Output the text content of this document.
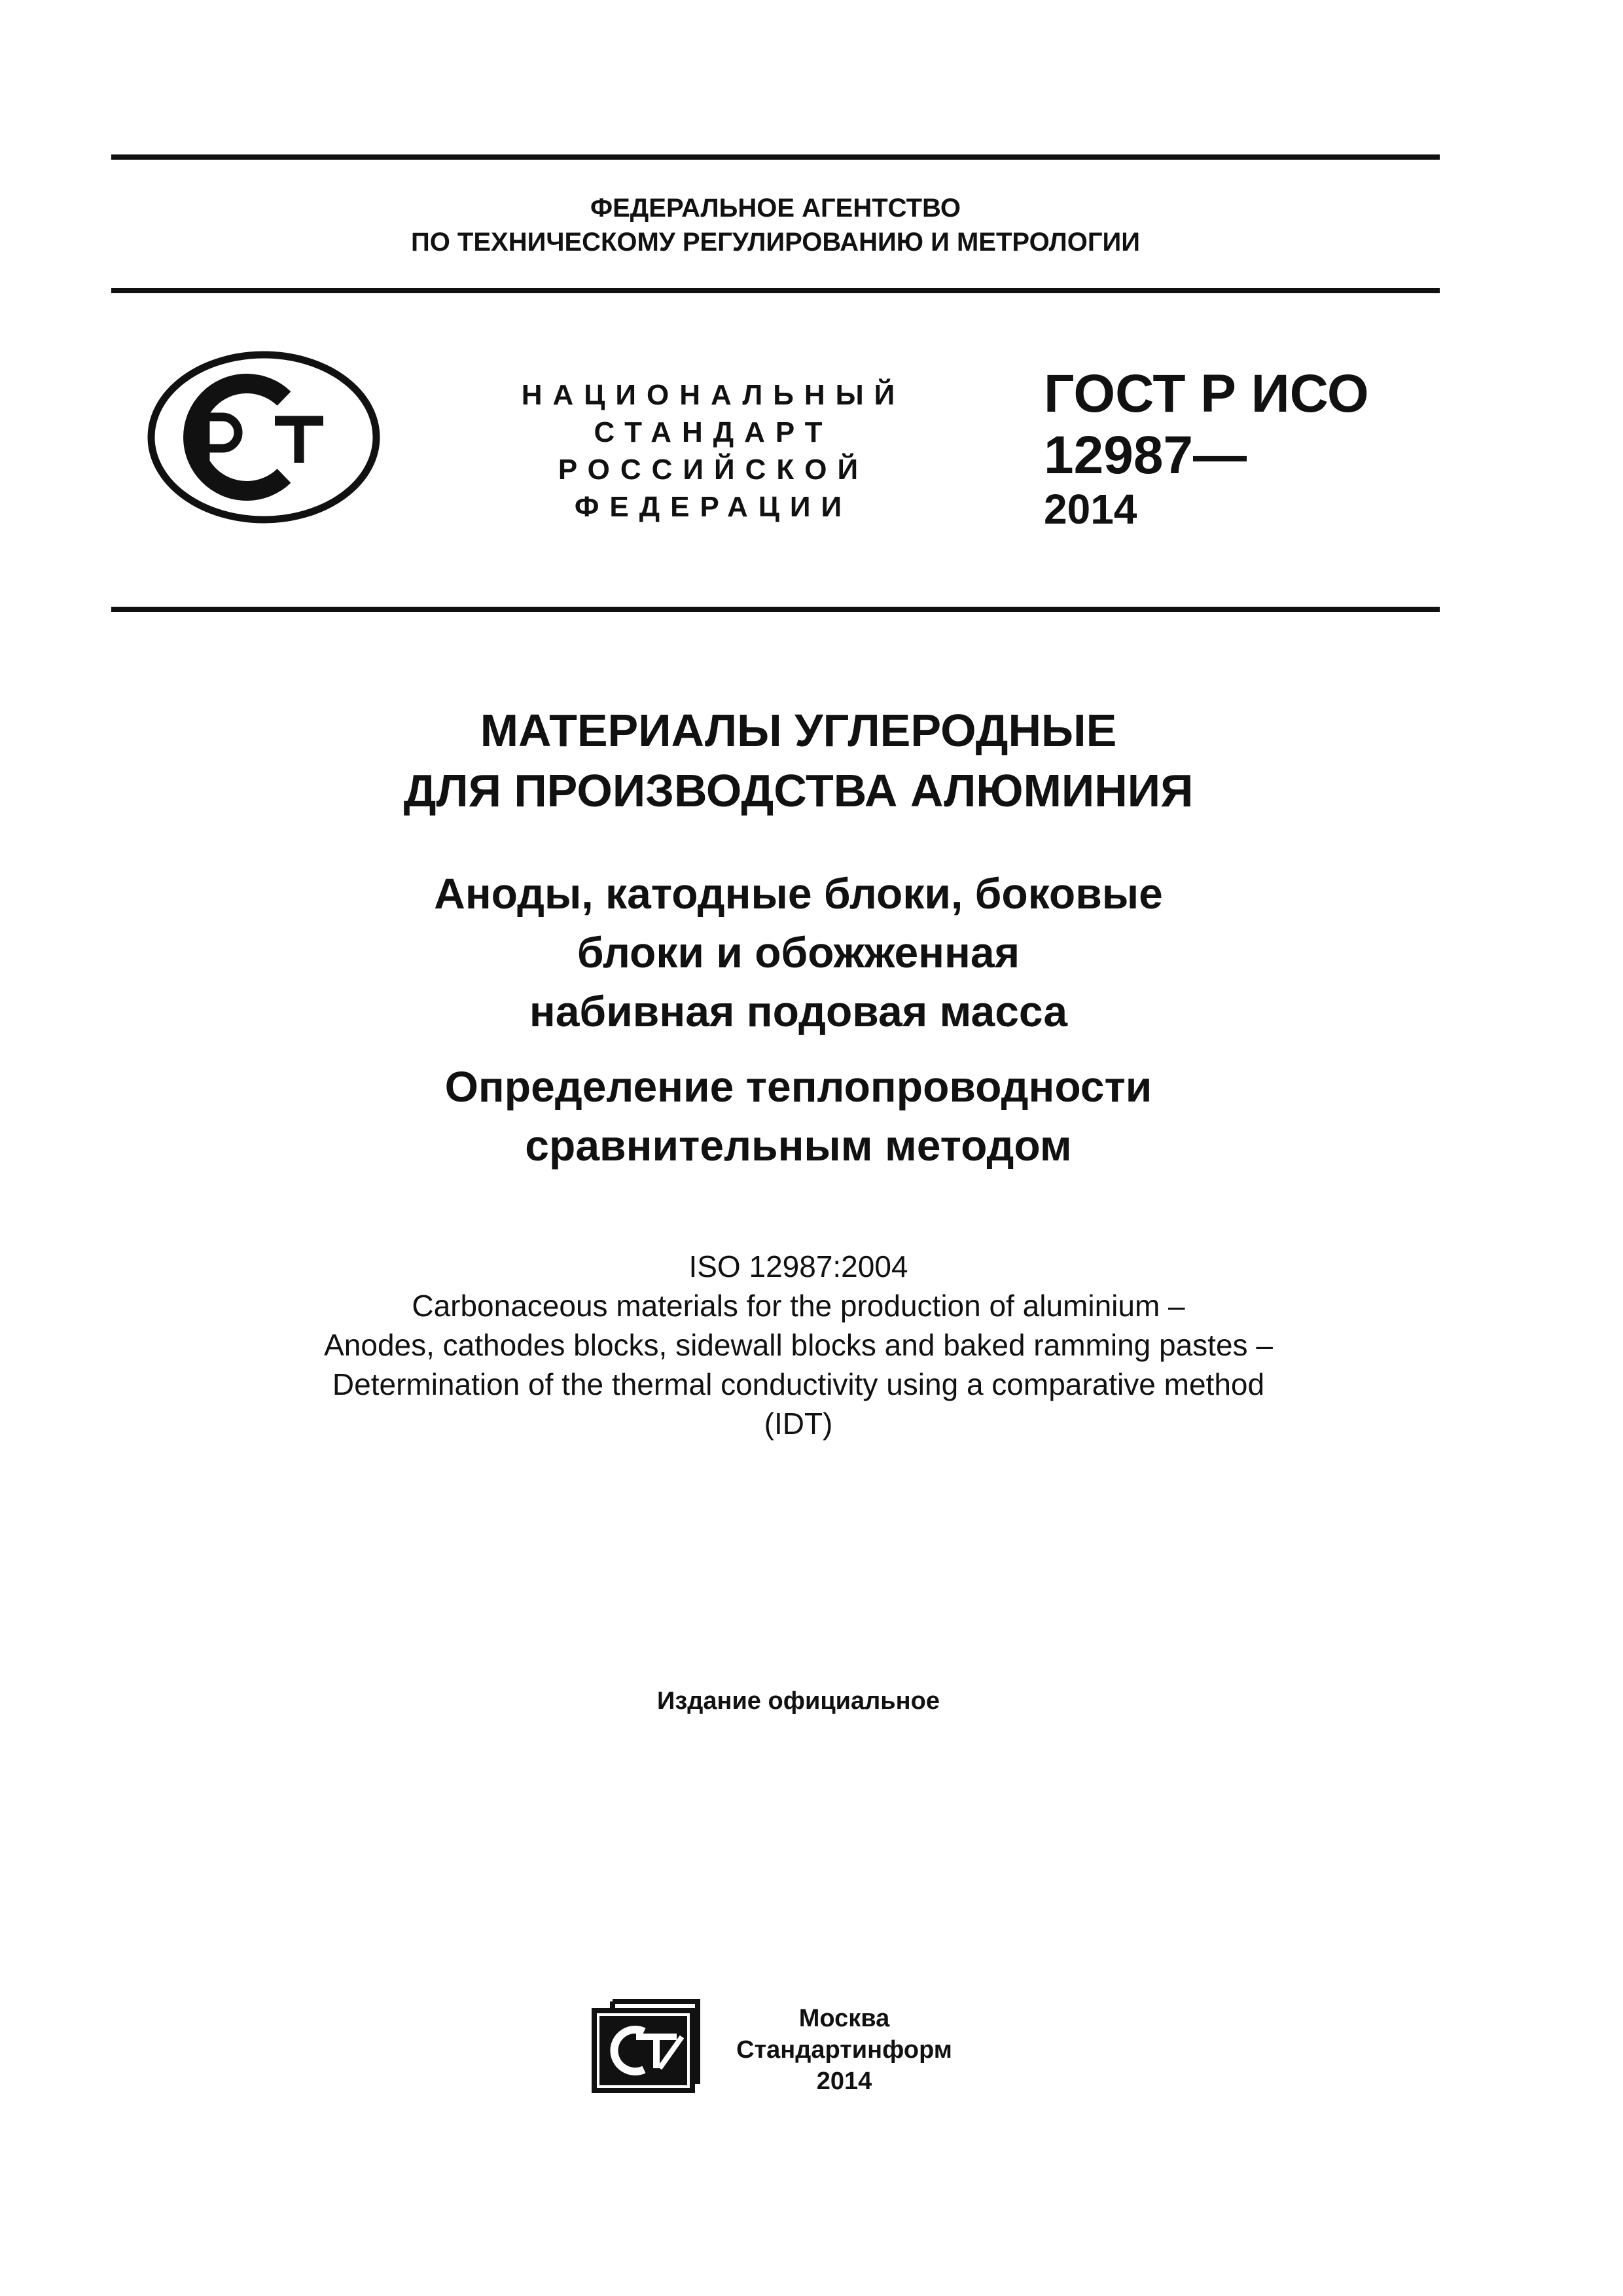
ФЕДЕРАЛЬНОЕ АГЕНТСТВО
ПО ТЕХНИЧЕСКОМУ РЕГУЛИРОВАНИЮ И МЕТРОЛОГИИ
НАЦИОНАЛЬНЫЙ
СТАНДАРТ
РОССИЙСКОЙ
ФЕДЕРАЦИИ
ГОСТ Р ИСО
12987—
2014
МАТЕРИАЛЫ УГЛЕРОДНЫЕ
ДЛЯ ПРОИЗВОДСТВА АЛЮМИНИЯ
Аноды, катодные блоки, боковые
блоки и обожженная
набивная подовая масса
Определение теплопроводности
сравнительным методом
ISO 12987:2004
Carbonaceous materials for the production of aluminium –
Anodes, cathodes blocks, sidewall blocks and baked ramming pastes –
Determination of the thermal conductivity using a comparative method
(IDT)
Издание официальное
Москва
Стандартинформ
2014
